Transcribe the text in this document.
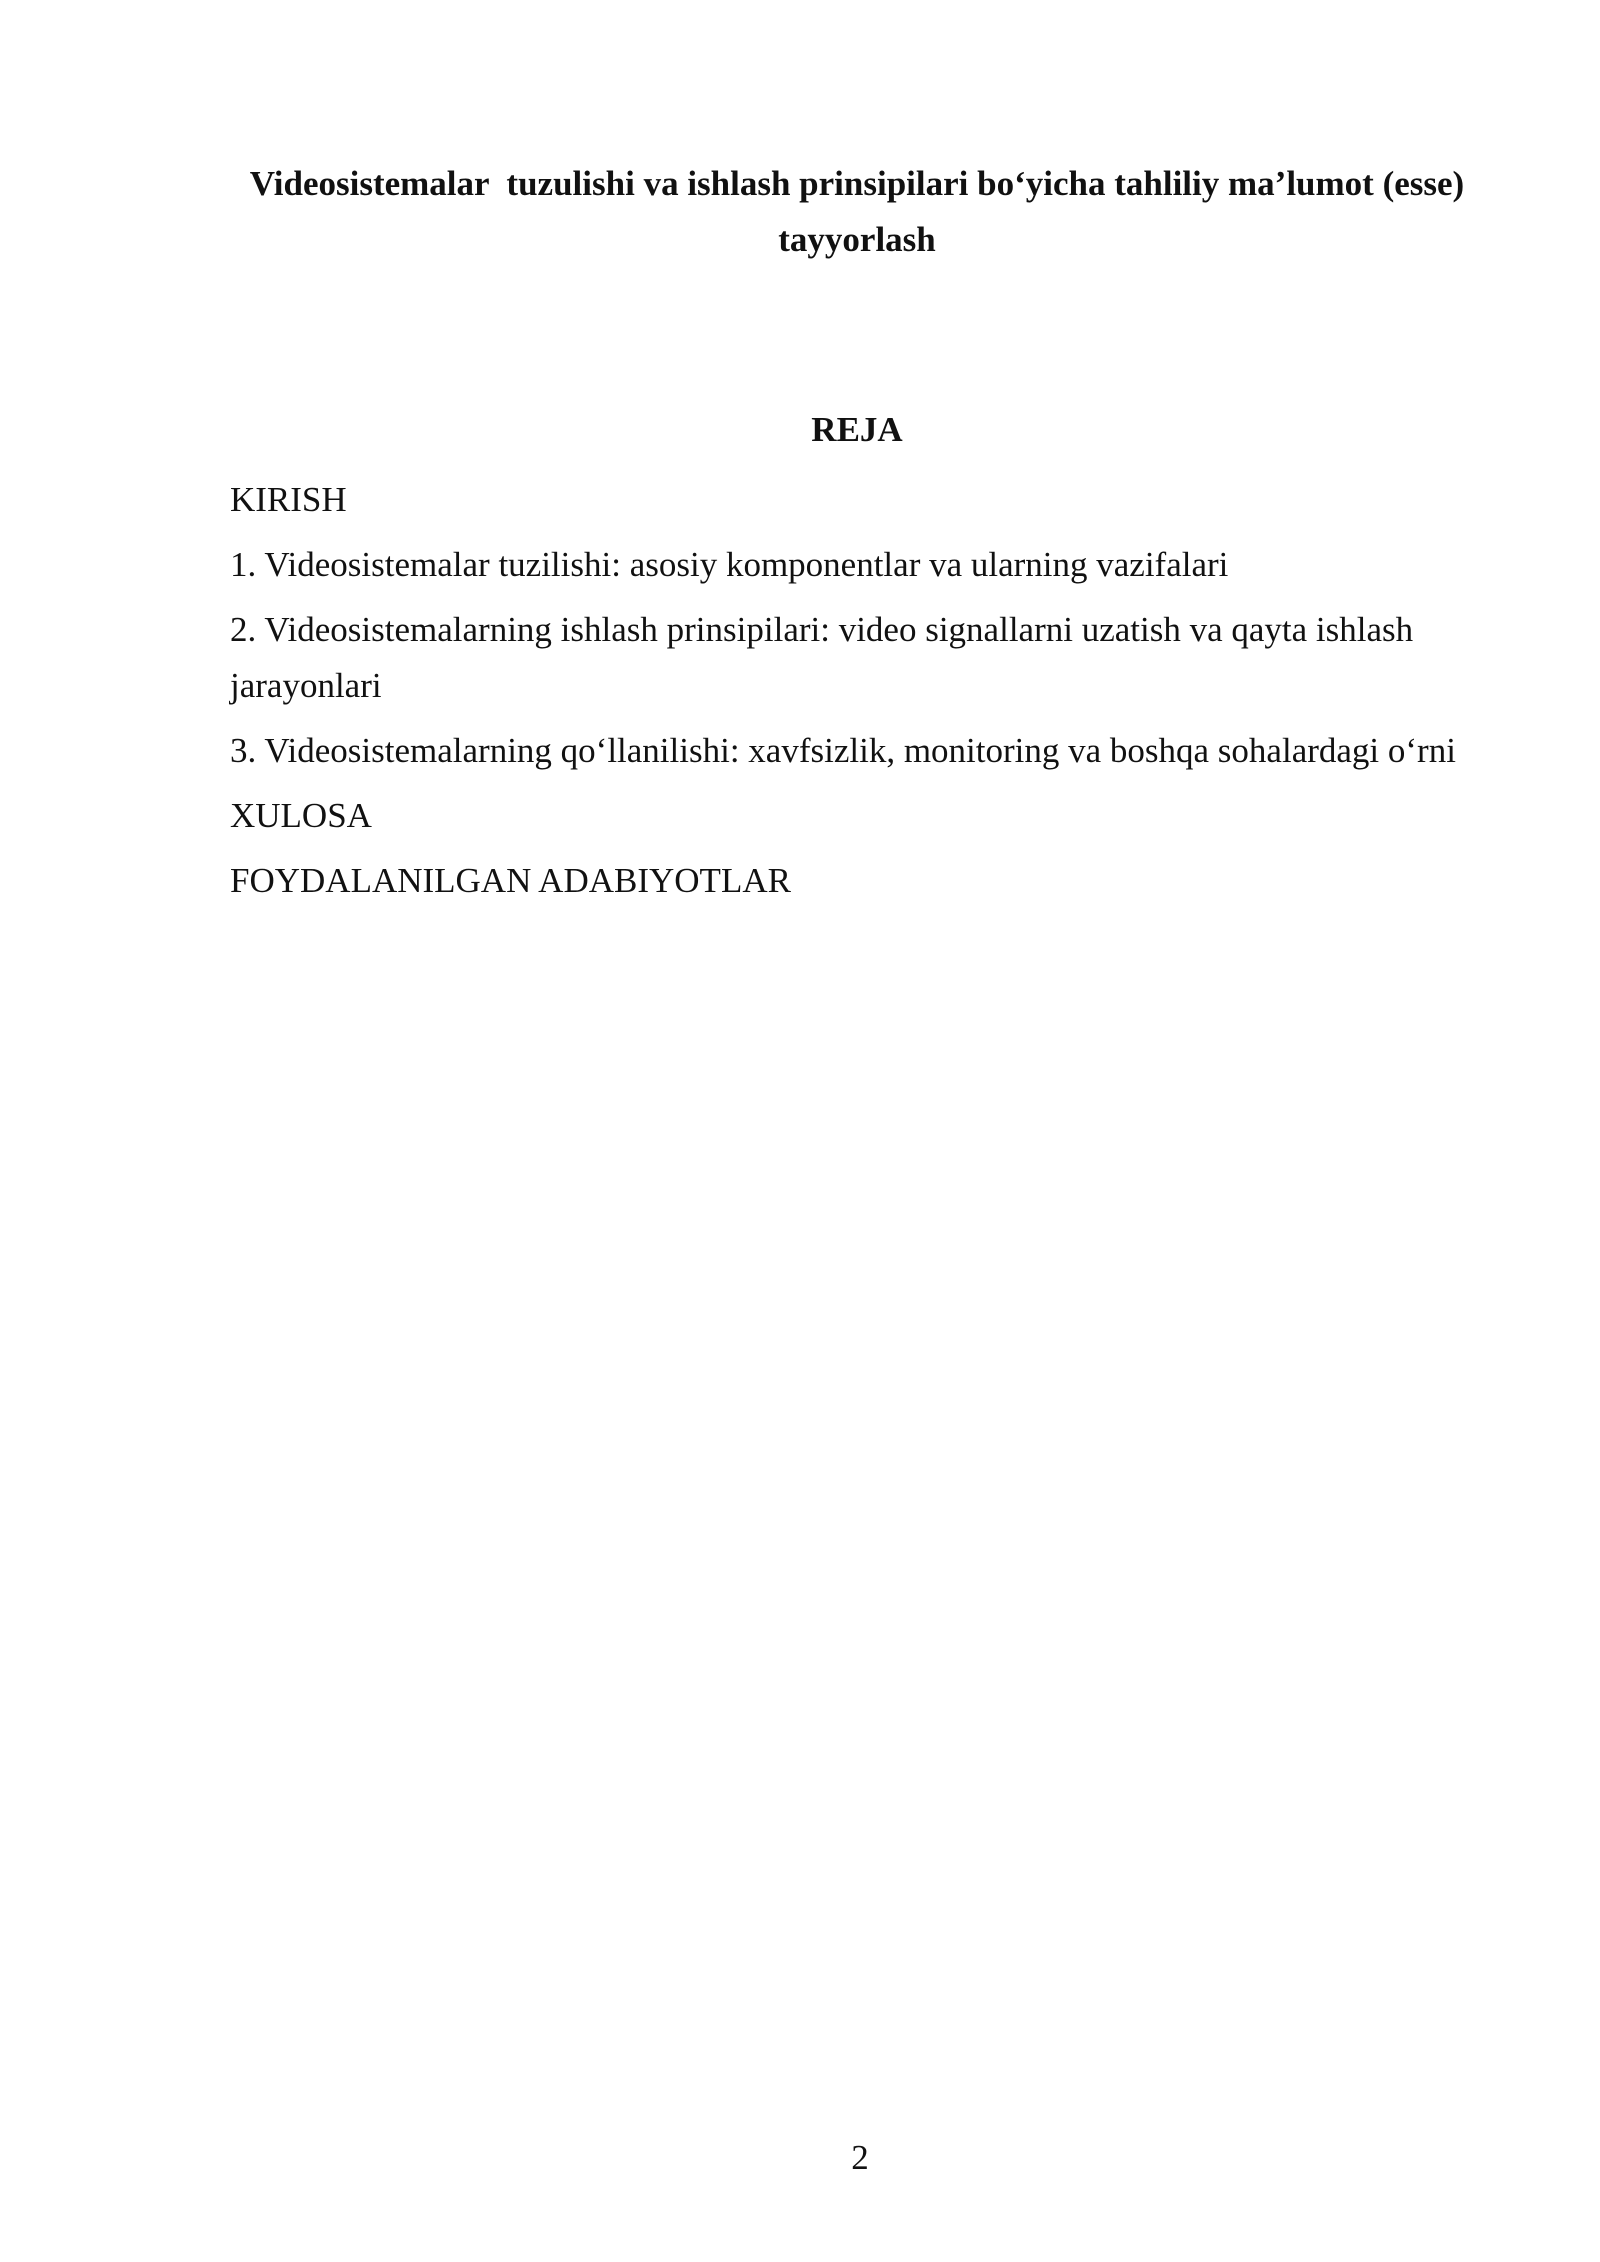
Videosistemalar  tuzulishi va ishlash prinsipilari bo‘yicha tahliliy ma’lumot (esse) tayyorlash
REJA
KIRISH
1. Videosistemalar tuzilishi: asosiy komponentlar va ularning vazifalari
2. Videosistemalarning ishlash prinsipilari: video signallarni uzatish va qayta ishlash jarayonlari
3. Videosistemalarning qo‘llanilishi: xavfsizlik, monitoring va boshqa sohalardagi o‘rni
XULOSA
FOYDALANILGAN ADABIYOTLAR
2
